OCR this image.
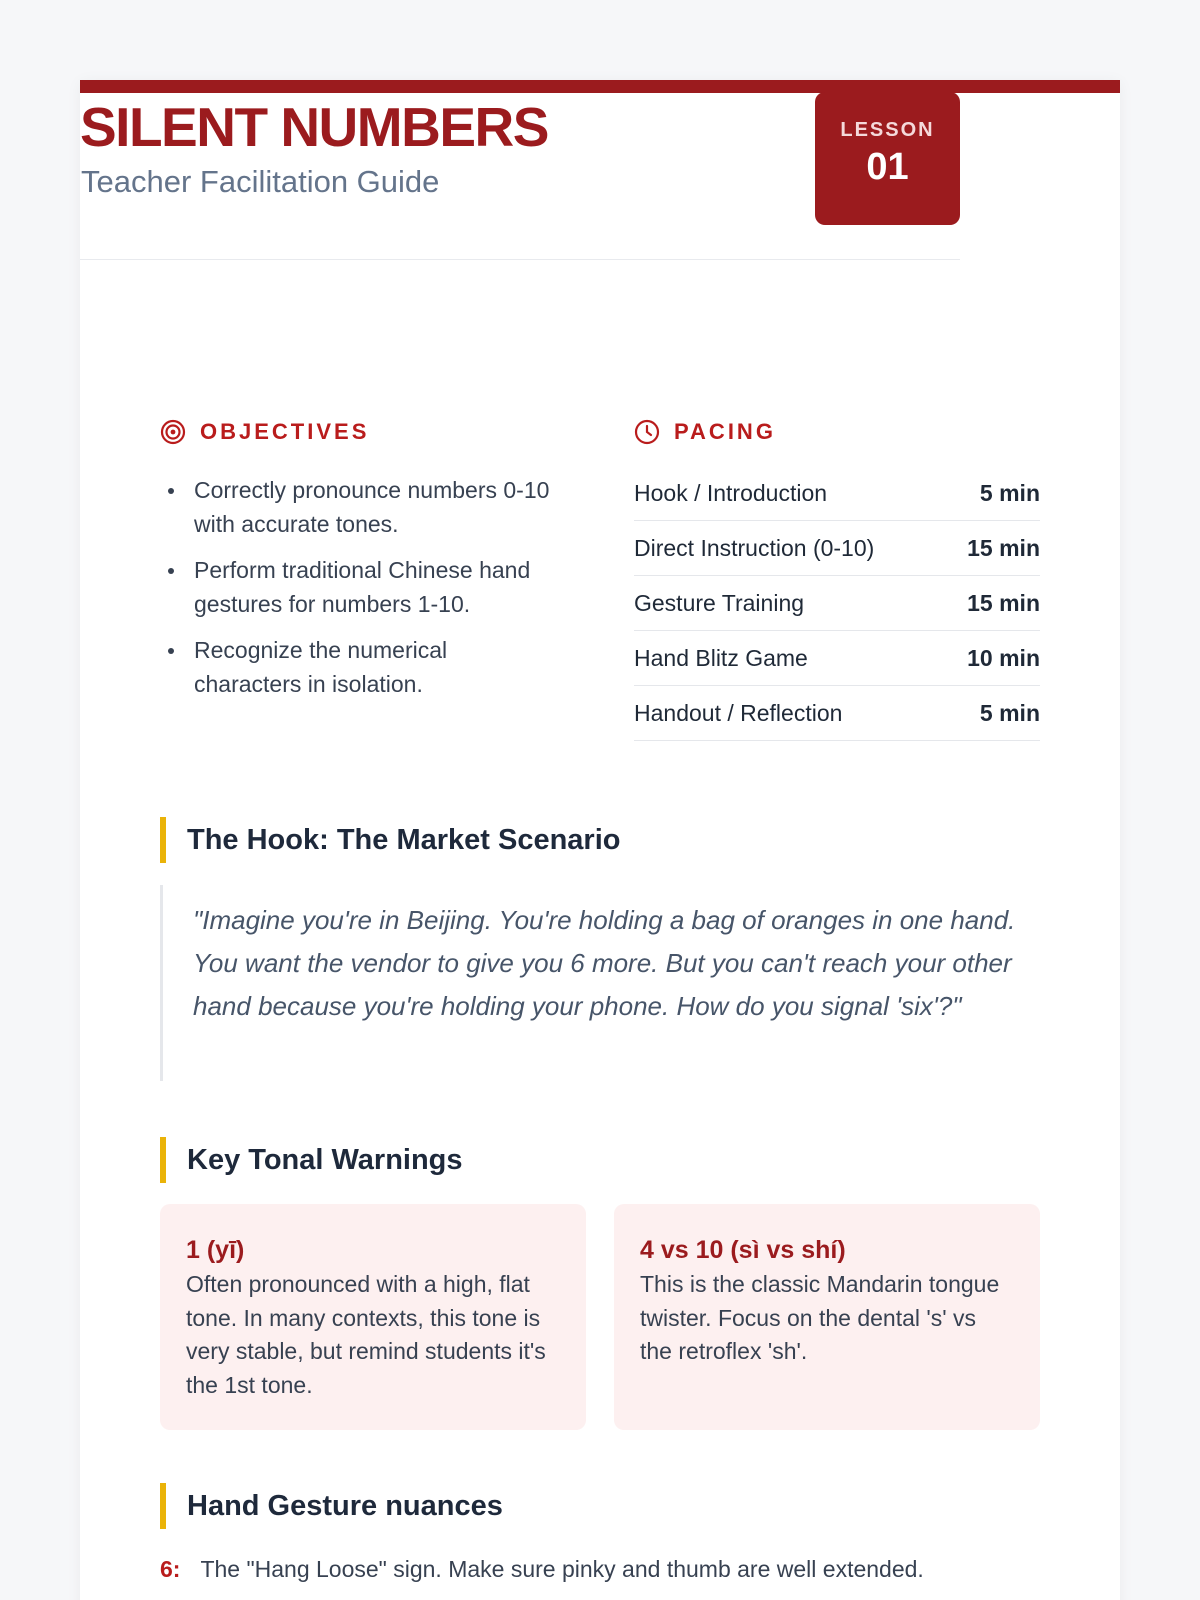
SILENT NUMBERS
Teacher Facilitation Guide
LESSON
01
OBJECTIVES
Correctly pronounce numbers 0-10 with accurate tones.
Perform traditional Chinese hand gestures for numbers 1-10.
Recognize the numerical characters in isolation.
PACING
Hook / Introduction	5 min
Direct Instruction (0-10)	15 min
Gesture Training	15 min
Hand Blitz Game	10 min
Handout / Reflection	5 min
The Hook: The Market Scenario
"Imagine you're in Beijing. You're holding a bag of oranges in one hand. You want the vendor to give you 6 more. But you can't reach your other hand because you're holding your phone. How do you signal 'six'?"
Key Tonal Warnings
1 (yī)
Often pronounced with a high, flat tone. In many contexts, this tone is very stable, but remind students it's the 1st tone.
4 vs 10 (sì vs shí)
This is the classic Mandarin tongue twister. Focus on the dental 's' vs the retroflex 'sh'.
Hand Gesture nuances
6: The "Hang Loose" sign. Make sure pinky and thumb are well extended.
